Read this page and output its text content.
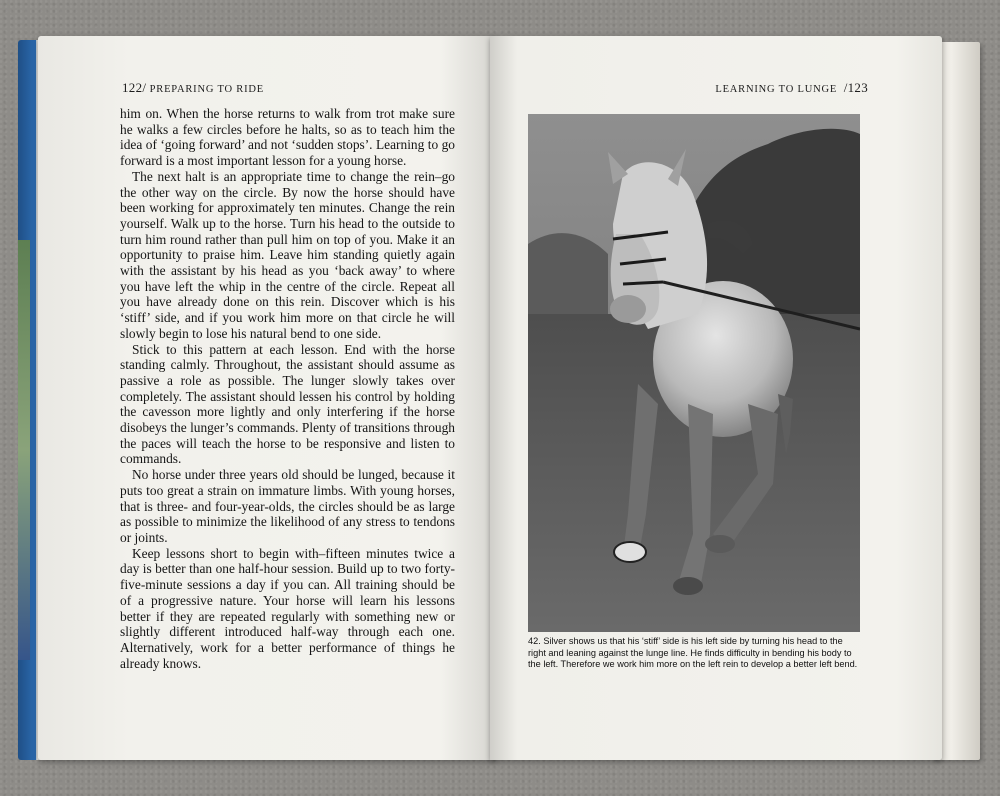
122/ PREPARING TO RIDE

him on. When the horse returns to walk from trot make sure he walks a few circles before he halts, so as to teach him the idea of ‘going forward’ and not ‘sudden stops’. Learning to go forward is a most important lesson for a young horse.

The next halt is an appropriate time to change the rein–go the other way on the circle. By now the horse should have been working for approximately ten minutes. Change the rein yourself. Walk up to the horse. Turn his head to the outside to turn him round rather than pull him on top of you. Make it an opportunity to praise him. Leave him standing quietly again with the assistant by his head as you ‘back away’ to where you have left the whip in the centre of the circle. Repeat all you have already done on this rein. Discover which is his ‘stiff’ side, and if you work him more on that circle he will slowly begin to lose his natural bend to one side.

Stick to this pattern at each lesson. End with the horse standing calmly. Throughout, the assistant should assume as passive a role as possible. The lunger slowly takes over completely. The assistant should lessen his control by holding the cavesson more lightly and only interfering if the horse disobeys the lunger’s commands. Plenty of transitions through the paces will teach the horse to be responsive and listen to commands.

No horse under three years old should be lunged, because it puts too great a strain on immature limbs. With young horses, that is three- and four-year-olds, the circles should be as large as possible to minimize the likelihood of any stress to tendons or joints.

Keep lessons short to begin with–fifteen minutes twice a day is better than one half-hour session. Build up to two forty-five-minute sessions a day if you can. All training should be of a progressive nature. Your horse will learn his lessons better if they are repeated regularly with something new or slightly different introduced half-way through each one. Alternatively, work for a better performance of things he already knows.

LEARNING TO LUNGE /123
42. Silver shows us that his ‘stiff’ side is his left side by turning his head to the right and leaning against the lunge line. He finds difficulty in bending his body to the left. Therefore we work him more on the left rein to develop a better left bend.
